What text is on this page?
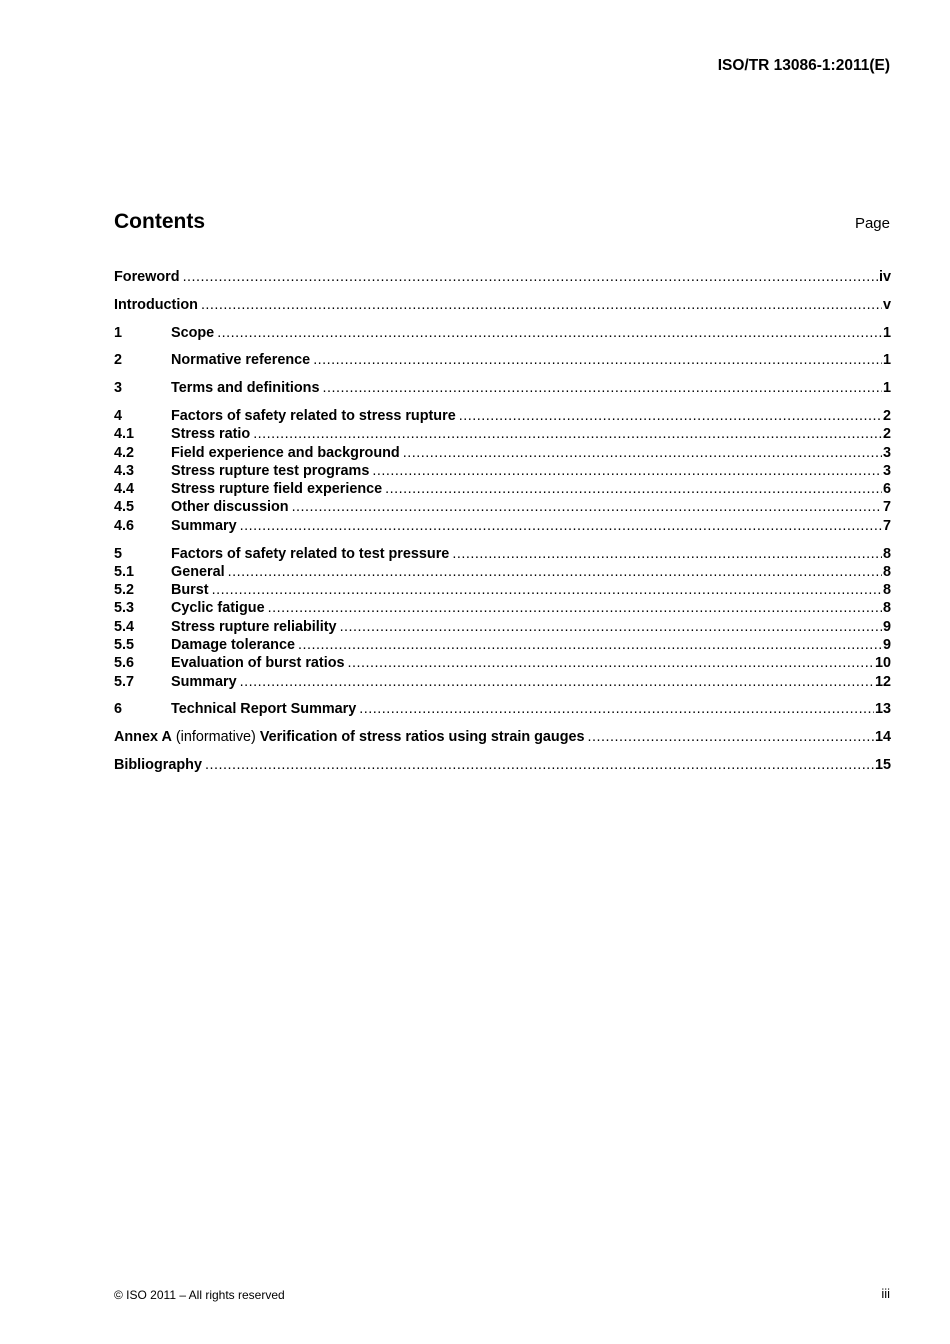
ISO/TR 13086-1:2011(E)
Contents	Page
Foreword .....	iv
Introduction .....	v
1	Scope .....	1
2	Normative reference .....	1
3	Terms and definitions .....	1
4	Factors of safety related to stress rupture .....	2
4.1	Stress ratio .....	2
4.2	Field experience and background .....	3
4.3	Stress rupture test programs .....	3
4.4	Stress rupture field experience .....	6
4.5	Other discussion .....	7
4.6	Summary .....	7
5	Factors of safety related to test pressure .....	8
5.1	General .....	8
5.2	Burst .....	8
5.3	Cyclic fatigue .....	8
5.4	Stress rupture reliability .....	9
5.5	Damage tolerance .....	9
5.6	Evaluation of burst ratios .....	10
5.7	Summary .....	12
6	Technical Report Summary .....	13
Annex A (informative) Verification of stress ratios using strain gauges .....	14
Bibliography .....	15
© ISO 2011 – All rights reserved	iii
